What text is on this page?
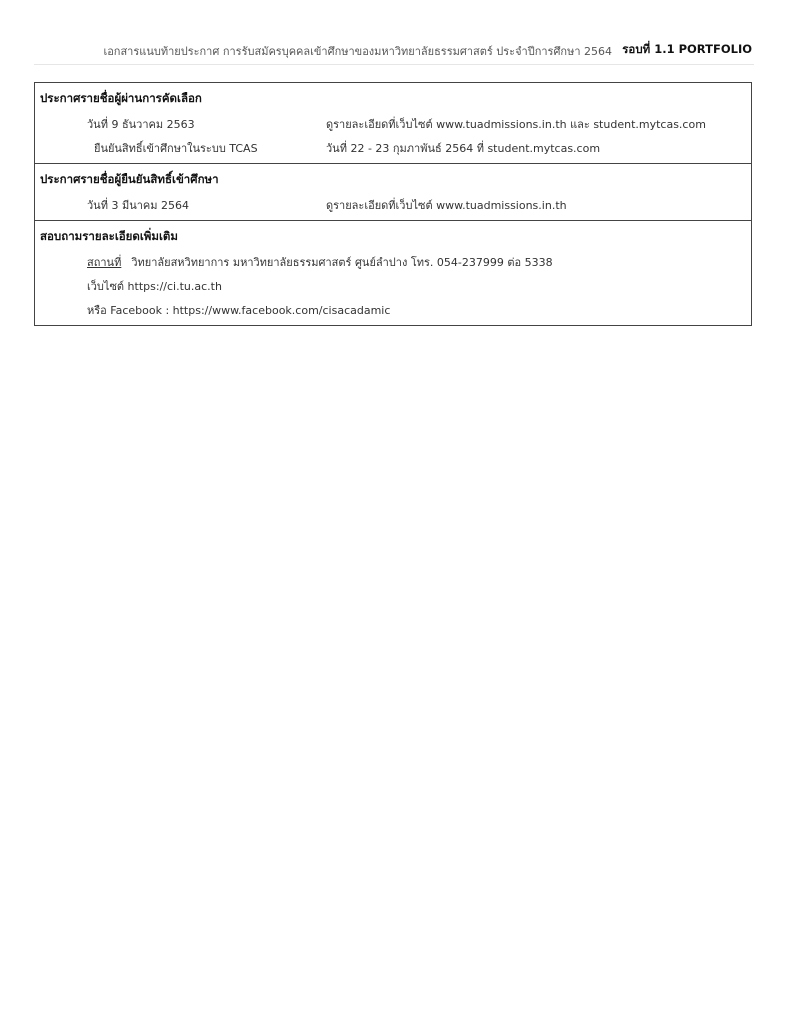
เอกสารแนบท้ายประกาศ การรับสมัครบุคคลเข้าศึกษาของมหาวิทยาลัยธรรมศาสตร์ ประจำปีการศึกษา 2564 รอบที่ 1.1 PORTFOLIO
ประกาศรายชื่อผู้ผ่านการคัดเลือก
วันที่ 9 ธันวาคม 2563	ดูรายละเอียดที่เว็บไซต์ www.tuadmissions.in.th และ student.mytcas.com
ยืนยันสิทธิ์เข้าศึกษาในระบบ TCAS	วันที่ 22 - 23 กุมภาพันธ์ 2564 ที่ student.mytcas.com
ประกาศรายชื่อผู้ยืนยันสิทธิ์เข้าศึกษา
วันที่ 3 มีนาคม 2564	ดูรายละเอียดที่เว็บไซต์ www.tuadmissions.in.th
สอบถามรายละเอียดเพิ่มเติม
สถานที่ วิทยาลัยสหวิทยาการ มหาวิทยาลัยธรรมศาสตร์ ศูนย์ลำปาง โทร. 054-237999 ต่อ 5338
เว็บไซต์ https://ci.tu.ac.th
หรือ Facebook : https://www.facebook.com/cisacadamic
